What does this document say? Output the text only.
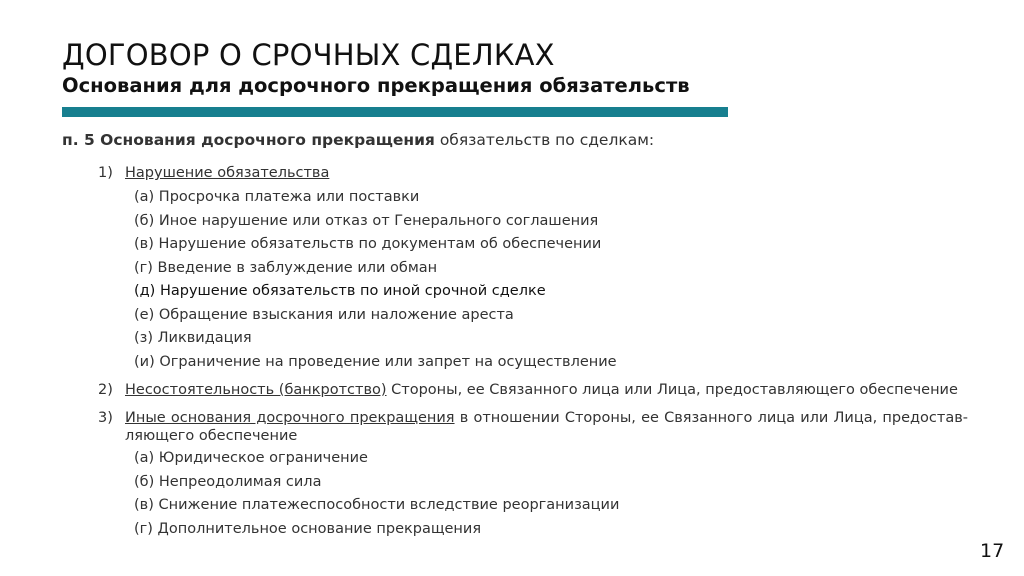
ДОГОВОР О СРОЧНЫХ СДЕЛКАХ
Основания для досрочного прекращения обязательств
п. 5 Основания досрочного прекращения обязательств по сделкам:
1) Нарушение обязательства
(а) Просрочка платежа или поставки
(б) Иное нарушение или отказ от Генерального соглашения
(в) Нарушение обязательств по документам об обеспечении
(г) Введение в заблуждение или обман
(д) Нарушение обязательств по иной срочной сделке
(е) Обращение взыскания или наложение ареста
(з) Ликвидация
(и) Ограничение на проведение или запрет на осуществление
2) Несостоятельность (банкротство) Стороны, ее Связанного лица или Лица, предоставляющего обеспечение
3) Иные основания досрочного прекращения в отношении Стороны, ее Связанного лица или Лица, предостав-ляющего обеспечение
(а) Юридическое ограничение
(б) Непреодолимая сила
(в) Снижение платежеспособности вследствие реорганизации
(г) Дополнительное основание прекращения
17
